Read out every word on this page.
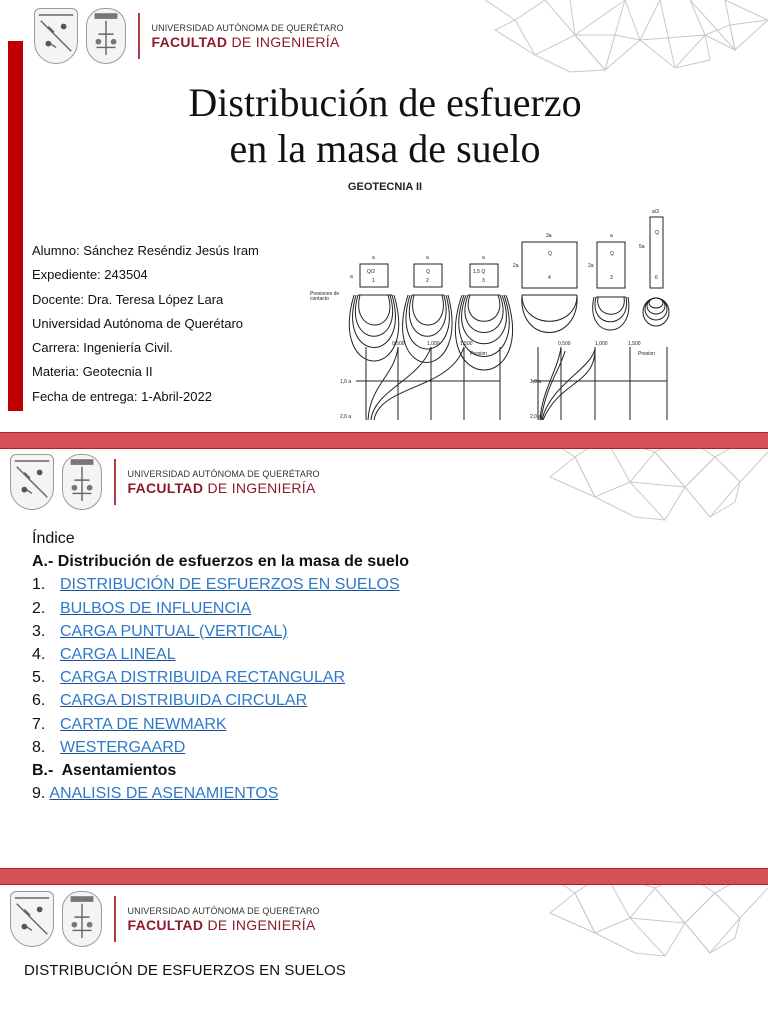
UNIVERSIDAD AUTÓNOMA DE QUERÉTARO
FACULTAD DE INGENIERÍA
Distribución de esfuerzo
en la masa de suelo
GEOTECNIA II
Alumno: Sánchez Reséndiz Jesús Iram
Expediente: 243504
Docente: Dra. Teresa López Lara
Universidad Autónoma de Querétaro
Carrera: Ingeniería Civil.
Materia: Geotecnia II
Fecha de entrega: 1-Abril-2022
a
a
Q/2
1
a
Q
2
a
1,5 Q
3
3a
2a
Q
4
a
2a
Q
3
a/3
5a
Q
6
Presiones de
contacto
0,500	1,000	1,500
Presion
1,0 a
2,0 a
0,500	1,000	1,500
Presion
1,0 a
2,0 a
UNIVERSIDAD AUTÓNOMA DE QUERÉTARO
FACULTAD DE INGENIERÍA
Índice
A.- Distribución de esfuerzos en la masa de suelo
1. DISTRIBUCIÓN DE ESFUERZOS EN SUELOS
2. BULBOS DE INFLUENCIA
3. CARGA PUNTUAL (VERTICAL)
4. CARGA LINEAL
5. CARGA DISTRIBUIDA RECTANGULAR
6. CARGA DISTRIBUIDA CIRCULAR
7. CARTA DE NEWMARK
8. WESTERGAARD
B.-  Asentamientos
9. ANALISIS DE ASENAMIENTOS
UNIVERSIDAD AUTÓNOMA DE QUERÉTARO
FACULTAD DE INGENIERÍA
DISTRIBUCIÓN DE ESFUERZOS EN SUELOS
